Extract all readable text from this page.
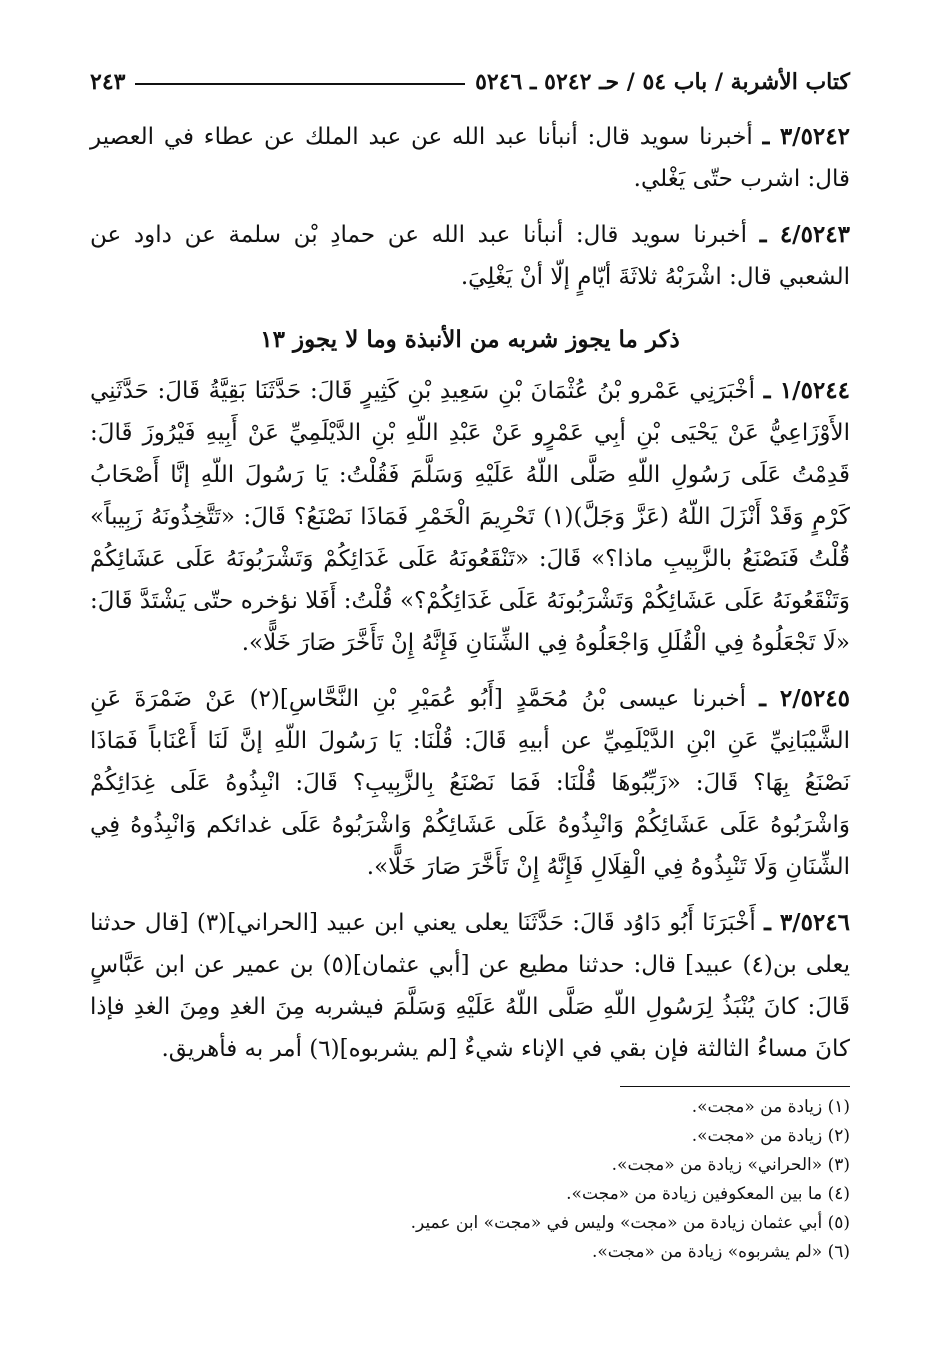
كتاب الأشربة / باب ٥٤ / حـ ٥٢٤٢ ـ ٥٢٤٦
٢٤٣

٣/٥٢٤٢ ـ أخبرنا سويد قال: أنبأنا عبد الله عن عبد الملك عن عطاء في العصير قال: اشرب حتّى يَغْلي.

٤/٥٢٤٣ ـ أخبرنا سويد قال: أنبأنا عبد الله عن حمادِ بْن سلمة عن داود عن الشعبي قال: اشْرَبْهُ ثلاثَةَ أيّامٍ إلّا أنْ يَغْلِيَ.

ذكر ما يجوز شربه من الأنبذة وما لا يجوز ١٣

١/٥٢٤٤ ـ أخْبَرَنِي عَمْرو بْنُ عُثْمَانَ بْنِ سَعِيدِ بْنِ كَثِيرٍ قَالَ: حَدَّثَنَا بَقِيَّةُ قَالَ: حَدَّثَنِي الأَوْزَاعِيُّ عَنْ يَحْيَى بْنِ أبِي عَمْرٍو عَنْ عَبْدِ اللّهِ بْنِ الدَّيْلَمِيِّ عَنْ أَبِيهِ فَيْرُوزَ قَالَ: قَدِمْتُ عَلَى رَسُولِ اللّهِ صَلَّى اللّهُ عَلَيْهِ وَسَلَّمَ فَقُلْتُ: يَا رَسُولَ اللّهِ إنَّا أَصْحَابُ كَرْمٍ وَقَدْ أَنْزَلَ اللّهُ (عَزَّ وَجَلَّ)(١) تَحْرِيمَ الْخَمْرِ فَمَاذَا نَصْنَعُ؟ قَالَ: «تَتَّخِذُونَهُ زَبِيباً» قُلْتُ فَنَصْنَعُ بالزَّبِيبِ ماذا؟» قَالَ: «تَنْقَعُونَهُ عَلَى غَدَائِكُمْ وَتَشْرَبُونَهُ عَلَى عَشَائِكُمْ وَتَنْقَعُونَهُ عَلَى عَشَائِكُمْ وَتَشْرَبُونَهُ عَلَى غَدَائِكُمْ؟» قُلْتُ: أَفَلا نؤخره حتّى يَشْتَدَّ قَالَ: «لَا تَجْعَلُوهُ فِي الْقُلَلِ وَاجْعَلُوهُ فِي الشِّنَانِ فَإِنَّهُ إِنْ تَأَخَّرَ صَارَ خَلًّا».

٢/٥٢٤٥ ـ أخبرنا عيسى بْنُ مُحَمَّدٍ [أَبُو عُمَيْرِ بْنِ النَّحَّاسِ](٢) عَنْ ضَمْرَةَ عَنِ الشَّيْبَانِيِّ عَنِ ابْنِ الدَّيْلَمِيِّ عن أبيهِ قَالَ: قُلْنَا: يَا رَسُولَ اللّهِ إنَّ لَنَا أَعْنَاباً فَمَاذَا نَصْنَعُ بِهَا؟ قَالَ: «زَبِّبُوهَا قُلْنَا: فَمَا نَصْنَعُ بِالزَّبِيبِ؟ قَالَ: انْبِذُوهُ عَلَى غِدَائِكُمْ وَاشْرَبُوهُ عَلَى عَشَائِكُمْ وَانْبِذُوهُ عَلَى عَشَائِكُمْ وَاشْرَبُوهُ عَلَى غدائكم وَانْبِذُوهُ فِي الشِّنَانِ وَلَا تَنْبِذُوهُ فِي الْقِلَالِ فَإِنَّهُ إِنْ تَأَخَّرَ صَارَ خَلًّا».

٣/٥٢٤٦ ـ أَخْبَرَنَا أَبُو دَاوُد قَالَ: حَدَّثَنَا يعلى يعني ابن عبيد [الحراني](٣) [قال حدثنا يعلى بن(٤) عبيد] قال: حدثنا مطيع عن [أبي عثمان](٥) بن عمير عن ابن عَبَّاسٍ قَالَ: كانَ يُنْبَذُ لِرَسُولِ اللّهِ صَلَّى اللّهُ عَلَيْهِ وَسَلَّمَ فيشربه مِنَ الغدِ ومِنَ الغدِ فإذا كانَ مساءُ الثالثة فإن بقي في الإناء شيءٌ [لم يشربوه](٦) أمر به فأهريق.

(١) زيادة من «مجت».
(٢) زيادة من «مجت».
(٣) «الحراني» زيادة من «مجت».
(٤) ما بين المعكوفين زيادة من «مجت».
(٥) أبي عثمان زيادة من «مجت» وليس في «مجت» ابن عمير.
(٦) «لم يشربوه» زيادة من «مجت».
